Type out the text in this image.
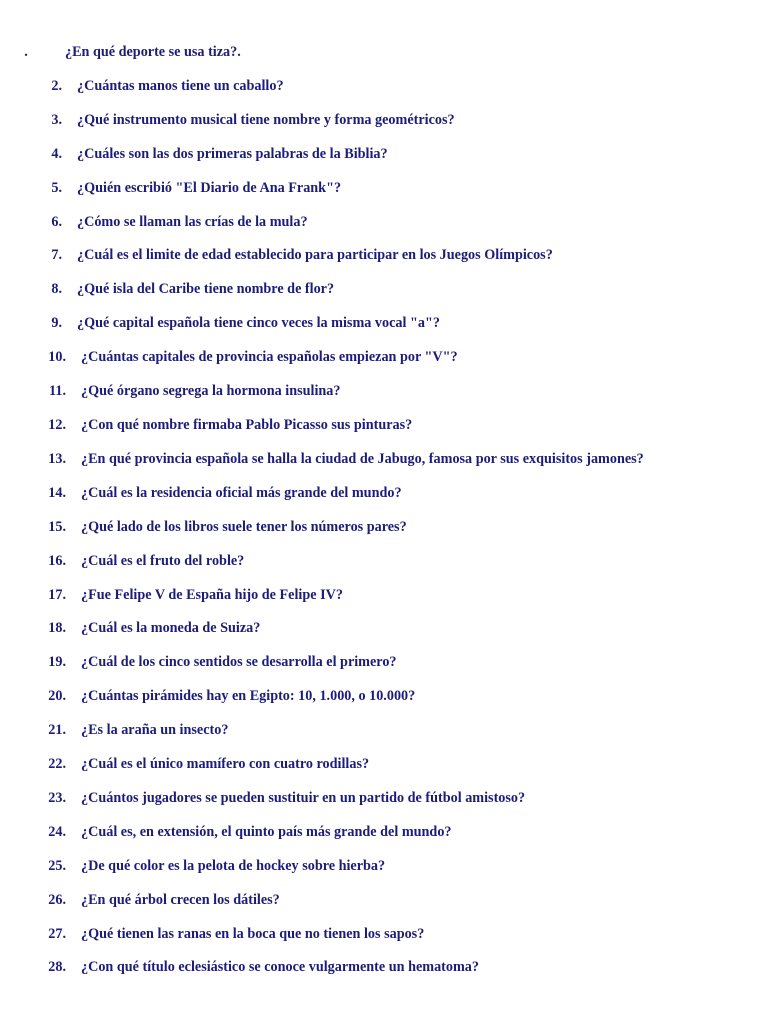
.	¿En qué deporte se usa tiza?.
2. ¿Cuántas manos tiene un caballo?
3. ¿Qué instrumento musical tiene nombre y forma geométricos?
4. ¿Cuáles son las dos primeras palabras de la Biblia?
5. ¿Quién escribió "El Diario de Ana Frank"?
6. ¿Cómo se llaman las crías de la mula?
7. ¿Cuál es el limite de edad establecido para participar en los Juegos Olímpicos?
8. ¿Qué isla del Caribe tiene nombre de flor?
9. ¿Qué capital española tiene cinco veces la misma vocal "a"?
10. ¿Cuántas capitales de provincia españolas empiezan por "V"?
11. ¿Qué órgano segrega la hormona insulina?
12. ¿Con qué nombre firmaba Pablo Picasso sus pinturas?
13. ¿En qué provincia española se halla la ciudad de Jabugo, famosa por sus exquisitos jamones?
14. ¿Cuál es la residencia oficial más grande del mundo?
15. ¿Qué lado de los libros suele tener los números pares?
16. ¿Cuál es el fruto del roble?
17. ¿Fue Felipe V de España hijo de Felipe IV?
18. ¿Cuál es la moneda de Suiza?
19. ¿Cuál de los cinco sentidos se desarrolla el primero?
20. ¿Cuántas pirámides hay en Egipto: 10, 1.000, o 10.000?
21. ¿Es la araña un insecto?
22. ¿Cuál es el único mamífero con cuatro rodillas?
23. ¿Cuántos jugadores se pueden sustituir en un partido de fútbol amistoso?
24. ¿Cuál es, en extensión, el quinto país más grande del mundo?
25. ¿De qué color es la pelota de hockey sobre hierba?
26. ¿En qué árbol crecen los dátiles?
27. ¿Qué tienen las ranas en la boca que no tienen los sapos?
28. ¿Con qué título eclesiástico se conoce vulgarmente un hematoma?
